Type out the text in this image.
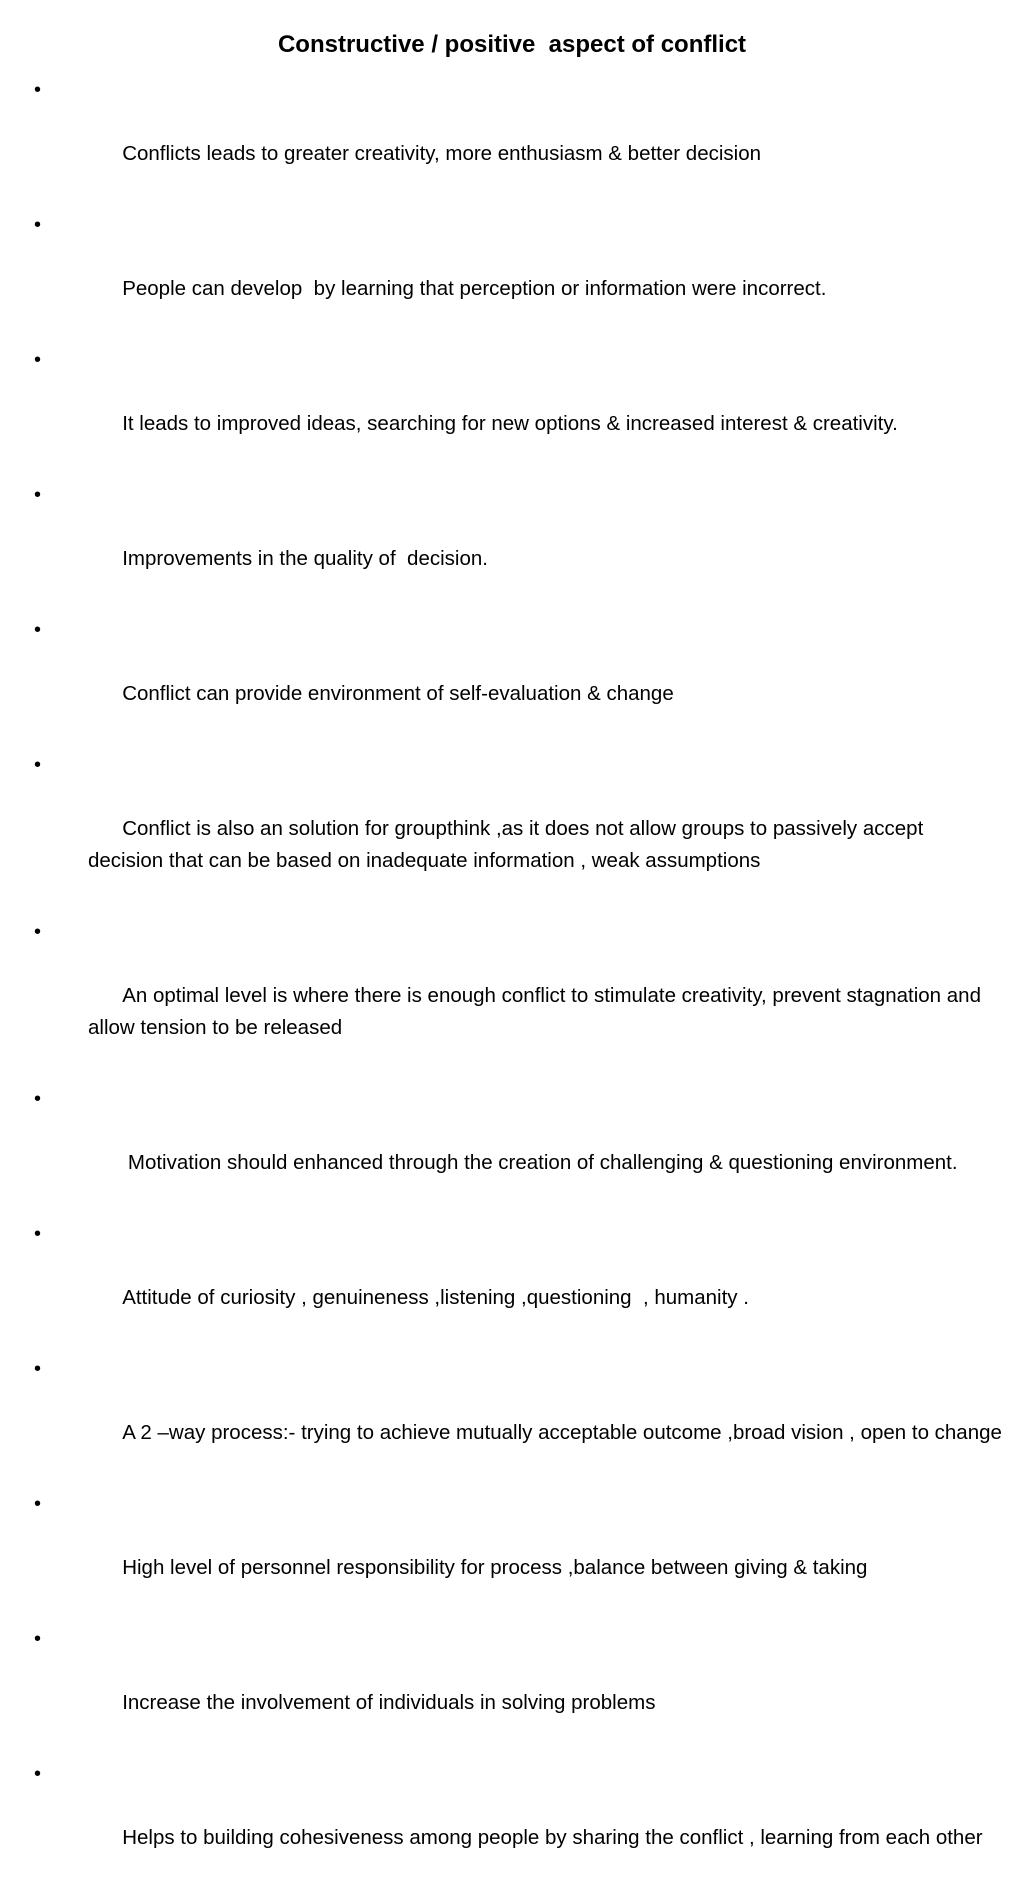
Constructive / positive  aspect of conflict

•

Conflicts leads to greater creativity, more enthusiasm & better decision

•

People can develop  by learning that perception or information were incorrect.

•

It leads to improved ideas, searching for new options & increased interest & creativity.

•

Improvements in the quality of  decision.

•

Conflict can provide environment of self-evaluation & change

•

Conflict is also an solution for groupthink ,as it does not allow groups to passively accept decision that can be based on inadequate information , weak assumptions

•

An optimal level is where there is enough conflict to stimulate creativity, prevent stagnation and allow tension to be released

•

Motivation should enhanced through the creation of challenging & questioning environment.

•

Attitude of curiosity , genuineness ,listening ,questioning  , humanity .

•

A 2 –way process:- trying to achieve mutually acceptable outcome ,broad vision , open to change

•

High level of personnel responsibility for process ,balance between giving & taking

•

Increase the involvement of individuals in solving problems

•

Helps to building cohesiveness among people by sharing the conflict , learning from each other
